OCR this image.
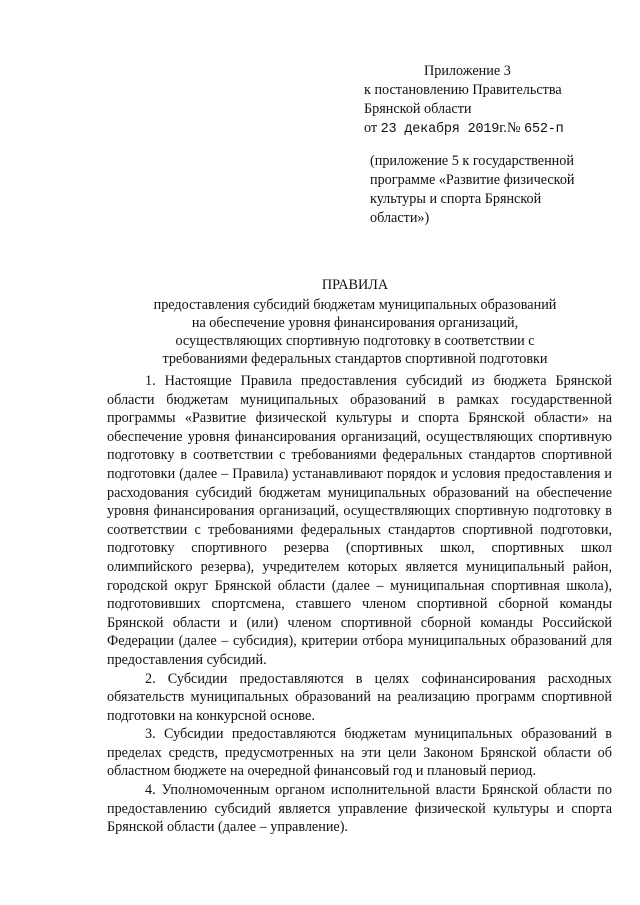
Приложение 3
к постановлению Правительства
Брянской области
от 23 декабря 2019г.№ 652-п
(приложение 5 к государственной
программе «Развитие физической
культуры и спорта Брянской
области»)
ПРАВИЛА
предоставления субсидий бюджетам муниципальных образований
на обеспечение уровня финансирования организаций,
осуществляющих спортивную подготовку в соответствии с
требованиями федеральных стандартов спортивной подготовки

1. Настоящие Правила предоставления субсидий из бюджета Брянской области бюджетам муниципальных образований в рамках государственной программы «Развитие физической культуры и спорта Брянской области» на обеспечение уровня финансирования организаций, осуществляющих спортивную подготовку в соответствии с требованиями федеральных стандартов спортивной подготовки (далее – Правила) устанавливают порядок и условия предоставления и расходования субсидий бюджетам муниципальных образований на обеспечение уровня финансирования организаций, осуществляющих спортивную подготовку в соответствии с требованиями федеральных стандартов спортивной подготовки, подготовку спортивного резерва (спортивных школ, спортивных школ олимпийского резерва), учредителем которых является муниципальный район, городской округ Брянской области (далее – муниципальная спортивная школа), подготовивших спортсмена, ставшего членом спортивной сборной команды Брянской области и (или) членом спортивной сборной команды Российской Федерации (далее – субсидия), критерии отбора муниципальных образований для предоставления субсидий.

2. Субсидии предоставляются в целях софинансирования расходных обязательств муниципальных образований на реализацию программ спортивной подготовки на конкурсной основе.

3. Субсидии предоставляются бюджетам муниципальных образований в пределах средств, предусмотренных на эти цели Законом Брянской области об областном бюджете на очередной финансовый год и плановый период.

4. Уполномоченным органом исполнительной власти Брянской области по предоставлению субсидий является управление физической культуры и спорта Брянской области (далее – управление).
